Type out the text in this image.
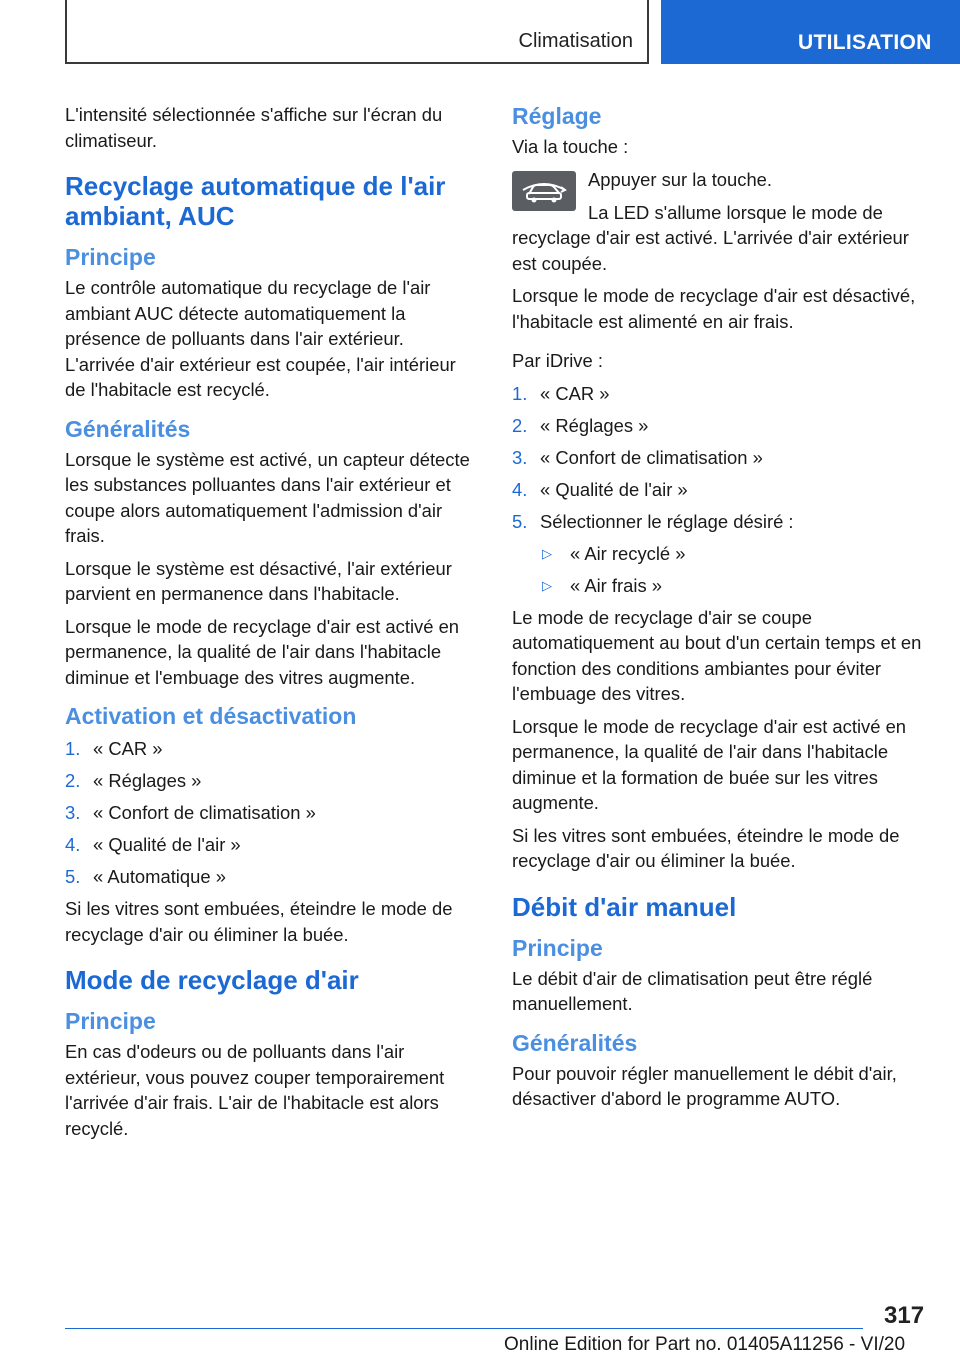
Climatisation	UTILISATION

L'intensité sélectionnée s'affiche sur l'écran du climatiseur.

Recyclage automatique de l'air ambiant, AUC
Principe

Le contrôle automatique du recyclage de l'air ambiant AUC détecte automatiquement la présence de polluants dans l'air extérieur. L'arrivée d'air extérieur est coupée, l'air intérieur de l'habitacle est recyclé.

Généralités

Lorsque le système est activé, un capteur détecte les substances polluantes dans l'air extérieur et coupe alors automatiquement l'admission d'air frais.

Lorsque le système est désactivé, l'air extérieur parvient en permanence dans l'habitacle.

Lorsque le mode de recyclage d'air est activé en permanence, la qualité de l'air dans l'habitacle diminue et l'embuage des vitres augmente.

Activation et désactivation
1. « CAR »
2. « Réglages »
3. « Confort de climatisation »
4. « Qualité de l'air »
5. « Automatique »

Si les vitres sont embuées, éteindre le mode de recyclage d'air ou éliminer la buée.

Mode de recyclage d'air
Principe

En cas d'odeurs ou de polluants dans l'air extérieur, vous pouvez couper temporairement l'arrivée d'air frais. L'air de l'habitacle est alors recyclé.

Réglage

Via la touche :

Appuyer sur la touche.

La LED s'allume lorsque le mode de recyclage d'air est activé. L'arrivée d'air extérieur est coupée.

Lorsque le mode de recyclage d'air est désactivé, l'habitacle est alimenté en air frais.

Par iDrive :

1. « CAR »
2. « Réglages »
3. « Confort de climatisation »
4. « Qualité de l'air »
5. Sélectionner le réglage désiré :
▷ « Air recyclé »
▷ « Air frais »

Le mode de recyclage d'air se coupe automatiquement au bout d'un certain temps et en fonction des conditions ambiantes pour éviter l'embuage des vitres.

Lorsque le mode de recyclage d'air est activé en permanence, la qualité de l'air dans l'habitacle diminue et la formation de buée sur les vitres augmente.

Si les vitres sont embuées, éteindre le mode de recyclage d'air ou éliminer la buée.

Débit d'air manuel
Principe

Le débit d'air de climatisation peut être réglé manuellement.

Généralités

Pour pouvoir régler manuellement le débit d'air, désactiver d'abord le programme AUTO.

317
Online Edition for Part no. 01405A11256 - VI/20
